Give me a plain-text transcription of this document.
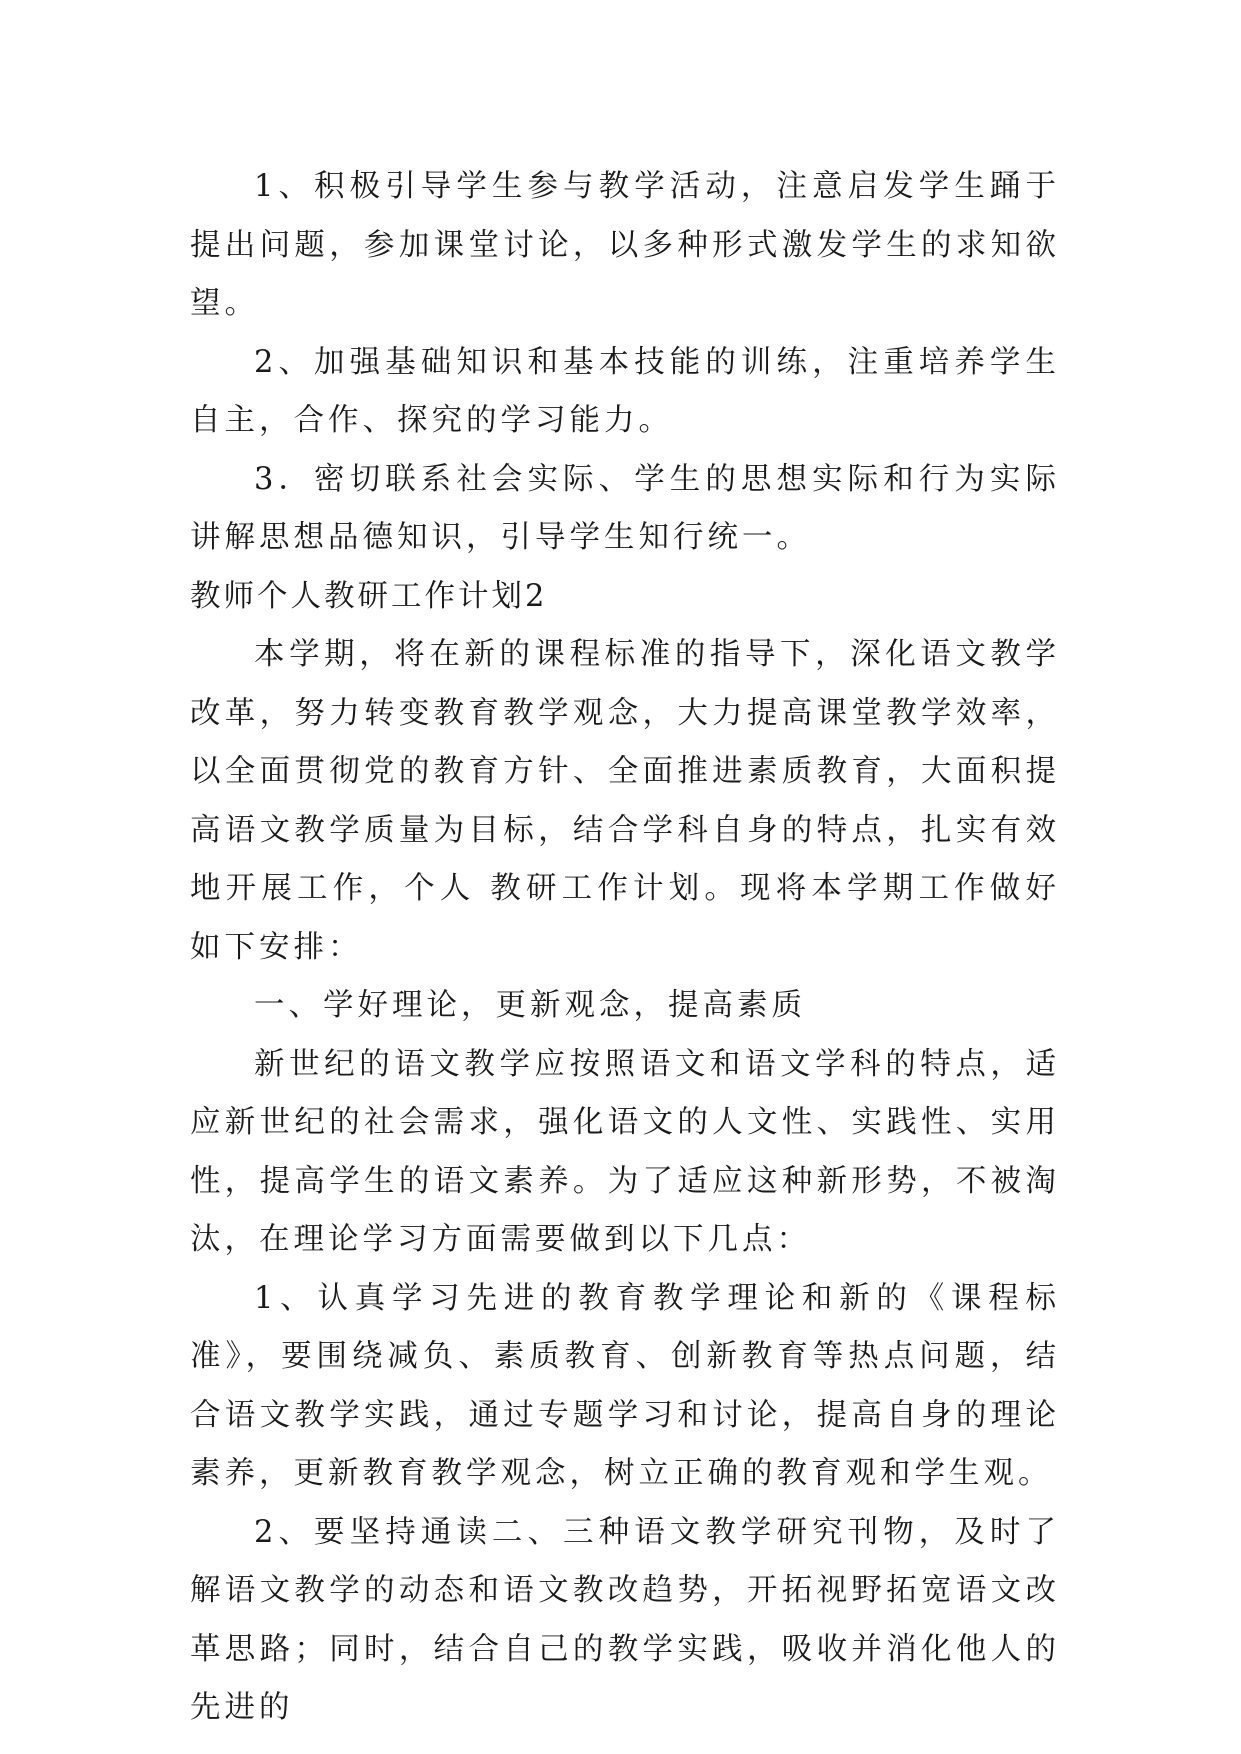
1、积极引导学生参与教学活动，注意启发学生踊于提出问题，参加课堂讨论，以多种形式激发学生的求知欲望。

2、加强基础知识和基本技能的训练，注重培养学生自主，合作、探究的学习能力。

3．密切联系社会实际、学生的思想实际和行为实际讲解思想品德知识，引导学生知行统一。

教师个人教研工作计划2

本学期，将在新的课程标准的指导下，深化语文教学改革，努力转变教育教学观念，大力提高课堂教学效率，以全面贯彻党的教育方针、全面推进素质教育，大面积提高语文教学质量为目标，结合学科自身的特点，扎实有效地开展工作，个人 教研工作计划。现将本学期工作做好如下安排：

一、学好理论，更新观念，提高素质

新世纪的语文教学应按照语文和语文学科的特点，适应新世纪的社会需求，强化语文的人文性、实践性、实用性，提高学生的语文素养。为了适应这种新形势，不被淘汰，在理论学习方面需要做到以下几点：

1、认真学习先进的教育教学理论和新的《课程标准》，要围绕减负、素质教育、创新教育等热点问题，结合语文教学实践，通过专题学习和讨论，提高自身的理论素养，更新教育教学观念，树立正确的教育观和学生观。

2、要坚持通读二、三种语文教学研究刊物，及时了解语文教学的动态和语文教改趋势，开拓视野拓宽语文改革思路；同时，结合自己的教学实践，吸收并消化他人的先进的
